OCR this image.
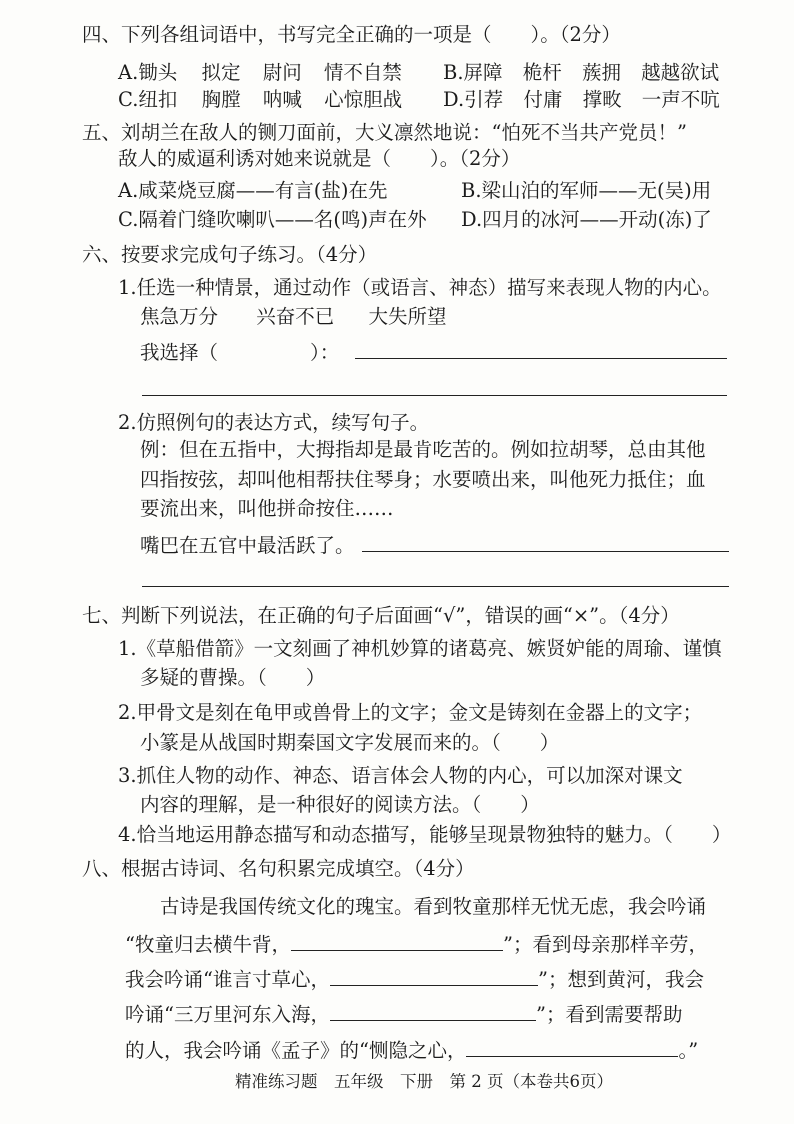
四、下列各组词语中，书写完全正确的一项是（　　）。（2分）
A.锄头 拟定 尉问 情不自禁 B.屏障 桅杆 蔟拥 越越欲试
C.纽扣 胸膛 呐喊 心惊胆战 D.引荐 付庸 撑畋 一声不吭
五、刘胡兰在敌人的铡刀面前，大义凛然地说：“怕死不当共产党员！”
敌人的威逼利诱对她来说就是（　　）。（2分）
A.咸菜烧豆腐——有言(盐)在先	B.梁山泊的军师——无(吴)用
C.隔着门缝吹喇叭——名(鸣)声在外 D.四月的冰河——开动(冻)了
六、按要求完成句子练习。（4分）
1.任选一种情景，通过动作（或语言、神态）描写来表现人物的内心。
焦急万分 兴奋不已 大失所望
我选择（	）：
2.仿照例句的表达方式，续写句子。
例：但在五指中，大拇指却是最肯吃苦的。例如拉胡琴，总由其他
四指按弦，却叫他相帮扶住琴身；水要喷出来，叫他死力抵住；血
要流出来，叫他拼命按住……
嘴巴在五官中最活跃了。
七、判断下列说法，在正确的句子后面画“√”，错误的画“×”。（4分）
1.《草船借箭》一文刻画了神机妙算的诸葛亮、嫉贤妒能的周瑜、谨慎
多疑的曹操。（　　）
2.甲骨文是刻在龟甲或兽骨上的文字；金文是铸刻在金器上的文字；
小篆是从战国时期秦国文字发展而来的。（　　）
3.抓住人物的动作、神态、语言体会人物的内心，可以加深对课文
内容的理解，是一种很好的阅读方法。（　　）
4.恰当地运用静态描写和动态描写，能够呈现景物独特的魅力。（　　）
八、根据古诗词、名句积累完成填空。（4分）
古诗是我国传统文化的瑰宝。看到牧童那样无忧无虑，我会吟诵
“牧童归去横牛背，	”；看到母亲那样辛劳，
我会吟诵“谁言寸草心，	”；想到黄河，我会
吟诵“三万里河东入海，	”；看到需要帮助
的人，我会吟诵《孟子》的“恻隐之心，	。”
精准练习题　五年级　下册　第 2 页（本卷共6页）
